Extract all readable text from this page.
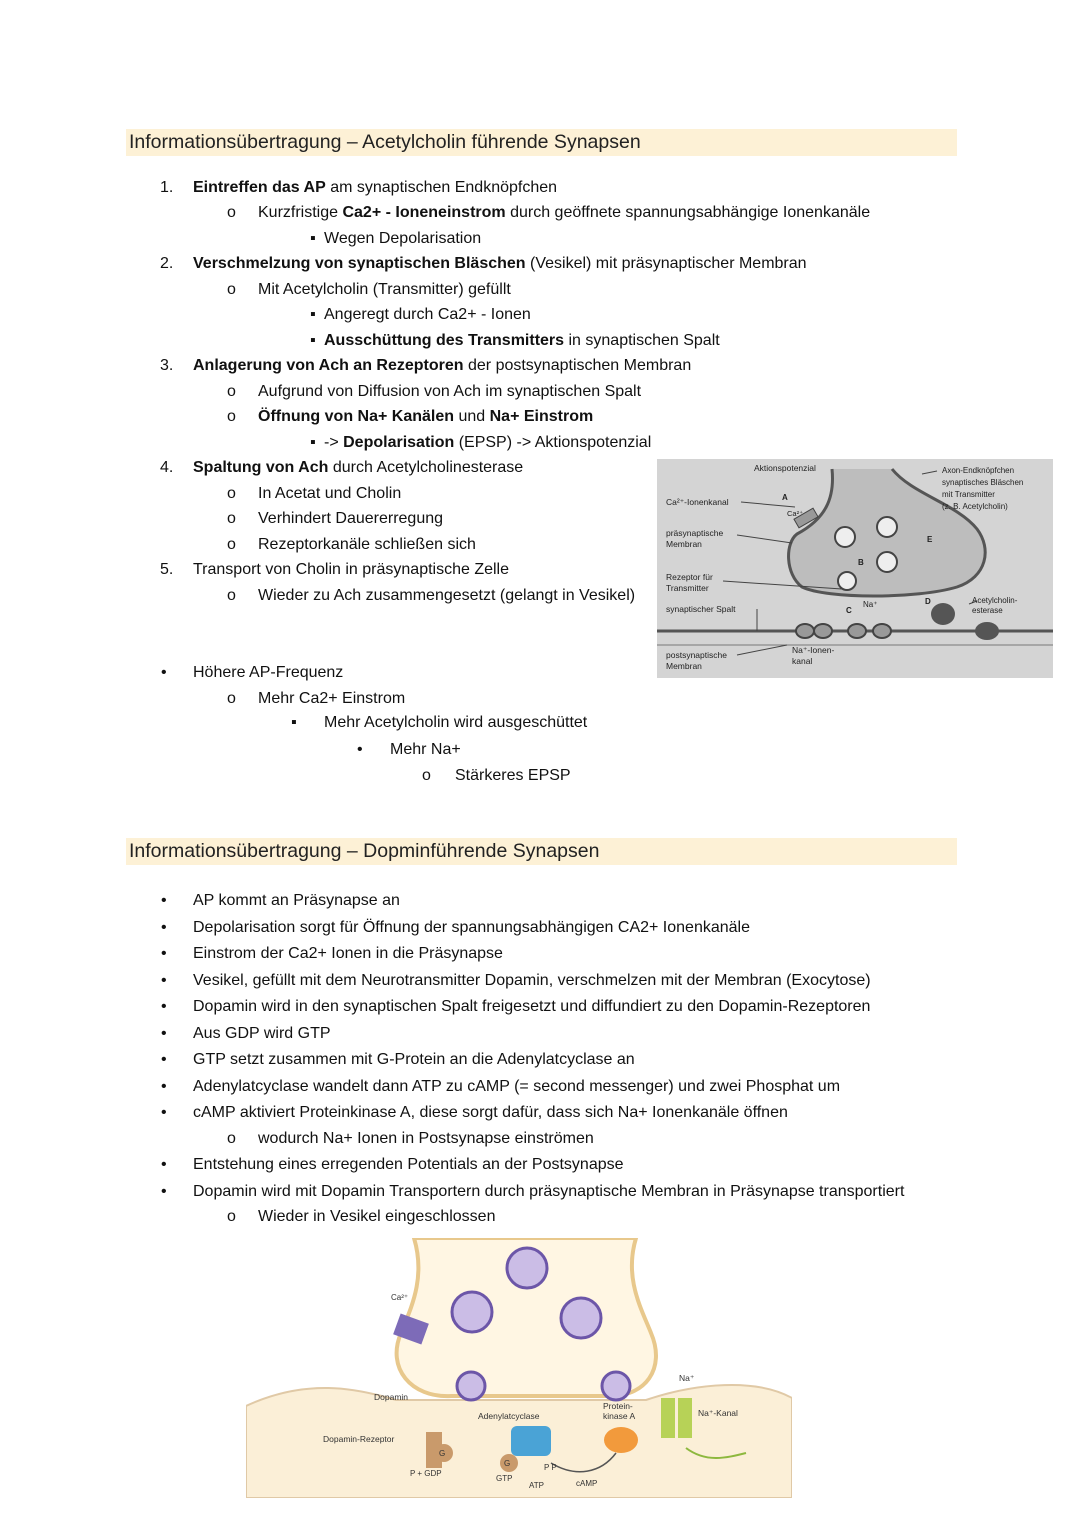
Informationsübertragung – Acetylcholin führende Synapsen
1. Eintreffen das AP am synaptischen Endknöpfchen
o Kurzfristige Ca2+ - Ioneneinstrom durch geöffnete spannungsabhängige Ionenkanäle
▪ Wegen Depolarisation
2. Verschmelzung von synaptischen Bläschen (Vesikel) mit präsynaptischer Membran
o Mit Acetylcholin (Transmitter) gefüllt
▪ Angeregt durch Ca2+ - Ionen
▪ Ausschüttung des Transmitters in synaptischen Spalt
3. Anlagerung von Ach an Rezeptoren der postsynaptischen Membran
o Aufgrund von Diffusion von Ach im synaptischen Spalt
o Öffnung von Na+ Kanälen und Na+ Einstrom
▪ -> Depolarisation (EPSP) -> Aktionspotenzial
4. Spaltung von Ach durch Acetylcholinesterase
o In Acetat und Cholin
o Verhindert Dauererregung
o Rezeptorkanäle schließen sich
5. Transport von Cholin in präsynaptische Zelle
o Wieder zu Ach zusammengesetzt (gelangt in Vesikel)
• Höhere AP-Frequenz
o Mehr Ca2+ Einstrom
▪ Mehr Acetylcholin wird ausgeschüttet
• Mehr Na+
o Stärkeres EPSP
Aktionspotenzial	Axon-Endknöpfchen
synaptisches Bläschen
mit Transmitter
(z. B. Acetylcholin)
Ca²⁺-Ionenkanal
präsynaptische
Membran
Rezeptor für
Transmitter
synaptischer Spalt
postsynaptische
Membran
Na⁺-Ionen-
kanal
Acetylcholin-
esterase
Ca²⁺
Na⁺
A
B
C
D
E
Informationsübertragung – Dopminführende Synapsen
• AP kommt an Präsynapse an
• Depolarisation sorgt für Öffnung der spannungsabhängigen CA2+ Ionenkanäle
• Einstrom der Ca2+ Ionen in die Präsynapse
• Vesikel, gefüllt mit dem Neurotransmitter Dopamin, verschmelzen mit der Membran (Exocytose)
• Dopamin wird in den synaptischen Spalt freigesetzt und diffundiert zu den Dopamin-Rezeptoren
• Aus GDP wird GTP
• GTP setzt zusammen mit G-Protein an die Adenylatcyclase an
• Adenylatcyclase wandelt dann ATP zu cAMP (= second messenger) und zwei Phosphat um
• cAMP aktiviert Proteinkinase A, diese sorgt dafür, dass sich Na+ Ionenkanäle öffnen
o wodurch Na+ Ionen in Postsynapse einströmen
• Entstehung eines erregenden Potentials an der Postsynapse
• Dopamin wird mit Dopamin Transportern durch präsynaptische Membran in Präsynapse transportiert
o Wieder in Vesikel eingeschlossen
Ca²⁺
Dopamin
Dopamin-Rezeptor
Adenylatcyclase
Protein-
kinase A
Na⁺
Na⁺-Kanal
G
G
P + GDP
GTP
ATP
P P
cAMP
